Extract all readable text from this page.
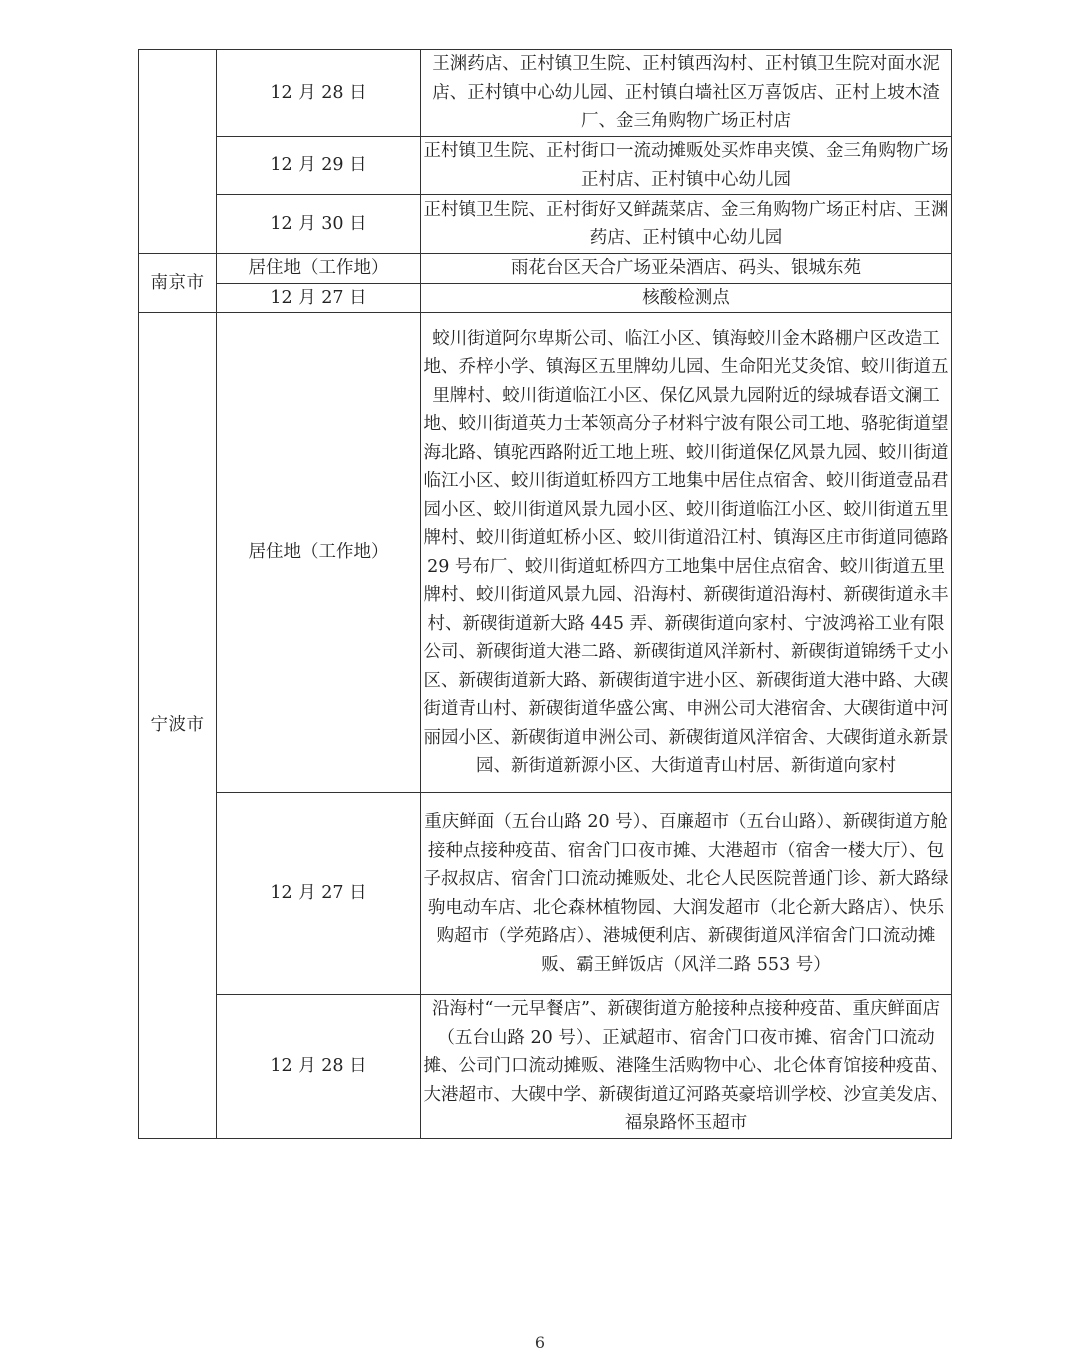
	12 月 28 日	王渊药店、正村镇卫生院、正村镇西沟村、正村镇卫生院对面水泥店、正村镇中心幼儿园、正村镇白墙社区万喜饭店、正村上坡木渣厂、金三角购物广场正村店
	12 月 29 日	正村镇卫生院、正村街口一流动摊贩处买炸串夹馍、金三角购物广场正村店、正村镇中心幼儿园
	12 月 30 日	正村镇卫生院、正村街好又鲜蔬菜店、金三角购物广场正村店、王渊药店、正村镇中心幼儿园
南京市	居住地（工作地）	雨花台区天合广场亚朵酒店、码头、银城东苑
	12 月 27 日	核酸检测点
宁波市	居住地（工作地）	蛟川街道阿尔卑斯公司、临江小区、镇海蛟川金木路棚户区改造工地、乔梓小学、镇海区五里牌幼儿园、生命阳光艾灸馆、蛟川街道五里牌村、蛟川街道临江小区、保亿风景九园附近的绿城春语文澜工地、蛟川街道英力士苯领高分子材料宁波有限公司工地、骆驼街道望海北路、镇驼西路附近工地上班、蛟川街道保亿风景九园、蛟川街道临江小区、蛟川街道虹桥四方工地集中居住点宿舍、蛟川街道壹品君园小区、蛟川街道风景九园小区、蛟川街道临江小区、蛟川街道五里牌村、蛟川街道虹桥小区、蛟川街道沿江村、镇海区庄市街道同德路 29 号布厂、蛟川街道虹桥四方工地集中居住点宿舍、蛟川街道五里牌村、蛟川街道风景九园、沿海村、新碶街道沿海村、新碶街道永丰村、新碶街道新大路 445 弄、新碶街道向家村、宁波鸿裕工业有限公司、新碶街道大港二路、新碶街道风洋新村、新碶街道锦绣千丈小区、新碶街道新大路、新碶街道宇进小区、新碶街道大港中路、大碶街道青山村、新碶街道华盛公寓、申洲公司大港宿舍、大碶街道中河丽园小区、新碶街道申洲公司、新碶街道风洋宿舍、大碶街道永新景园、新街道新源小区、大街道青山村居、新街道向家村
	12 月 27 日	重庆鲜面（五台山路 20 号）、百廉超市（五台山路）、新碶街道方舱接种点接种疫苗、宿舍门口夜市摊、大港超市（宿舍一楼大厅）、包子叔叔店、宿舍门口流动摊贩处、北仑人民医院普通门诊、新大路绿驹电动车店、北仑森林植物园、大润发超市（北仑新大路店）、快乐购超市（学苑路店）、港城便利店、新碶街道风洋宿舍门口流动摊贩、霸王鲜饭店（风洋二路 553 号）
	12 月 28 日	沿海村“一元早餐店”、新碶街道方舱接种点接种疫苗、重庆鲜面店（五台山路 20 号）、正斌超市、宿舍门口夜市摊、宿舍门口流动摊、公司门口流动摊贩、港隆生活购物中心、北仑体育馆接种疫苗、大港超市、大碶中学、新碶街道辽河路英豪培训学校、沙宣美发店、福泉路怀玉超市
6
